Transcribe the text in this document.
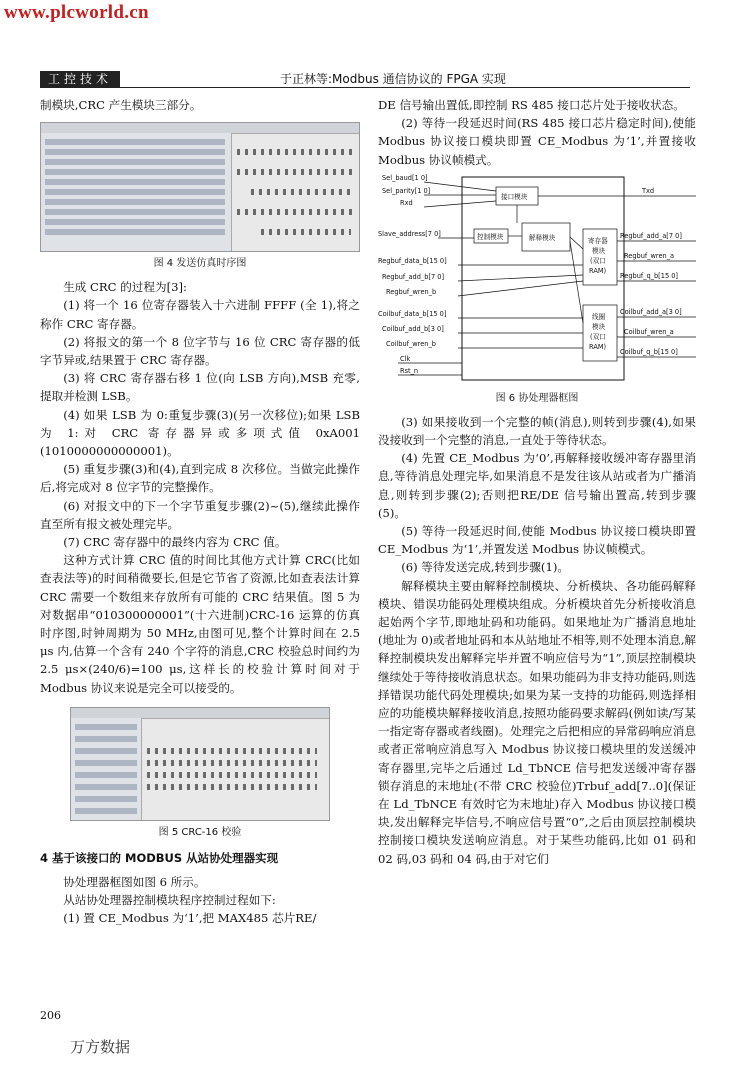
www.plcworld.cn
工控技术	于正林等:Modbus 通信协议的 FPGA 实现

制模块,CRC 产生模块三部分。

图 4 发送仿真时序图

生成 CRC 的过程为[3]:

(1) 将一个 16 位寄存器装入十六进制 FFFF (全 1),将之称作 CRC 寄存器。

(2) 将报文的第一个 8 位字节与 16 位 CRC 寄存器的低字节异或,结果置于 CRC 寄存器。

(3) 将 CRC 寄存器右移 1 位(向 LSB 方向),MSB 充零,提取并检测 LSB。

(4) 如果 LSB 为 0:重复步骤(3)(另一次移位);如果 LSB 为 1:对 CRC 寄存器异或多项式值 0xA001 (1010000000000001)。

(5) 重复步骤(3)和(4),直到完成 8 次移位。当做完此操作后,将完成对 8 位字节的完整操作。

(6) 对报文中的下一个字节重复步骤(2)~(5),继续此操作直至所有报文被处理完毕。

(7) CRC 寄存器中的最终内容为 CRC 值。

这种方式计算 CRC 值的时间比其他方式计算 CRC(比如查表法等)的时间稍微要长,但是它节省了资源,比如查表法计算 CRC 需要一个数组来存放所有可能的 CRC 结果值。图 5 为对数据串“010300000001”(十六进制)CRC-16 运算的仿真时序图,时钟周期为 50 MHz,由图可见,整个计算时间在 2.5 μs 内,估算一个含有 240 个字符的消息,CRC 校验总时间约为 2.5 μs×(240/6)=100 μs,这样长的校验计算时间对于 Modbus 协议来说是完全可以接受的。

图 5 CRC-16 校验
4 基于该接口的 MODBUS 从站协处理器实现

协处理器框图如图 6 所示。

从站协处理器控制模块程序控制过程如下:

(1) 置 CE_Modbus 为‘1’,把 MAX485 芯片RE/

DE 信号输出置低,即控制 RS 485 接口芯片处于接收状态。

(2) 等待一段延迟时间(RS 485 接口芯片稳定时间),使能 Modbus 协议接口模块即置 CE_Modbus 为‘1’,并置接收 Modbus 协议帧模式。

Sel_baud[1 0]
Sel_parity[1 0]
Rxd
Slave_address[7 0]
Regbuf_data_b[15 0]
Regbuf_add_b[7 0]
Regbuf_wren_b
Coilbuf_data_b[15 0]
Coilbuf_add_b[3 0]
Coilbuf_wren_b
Clk
Rst_n
Txd
Regbuf_add_a[7 0]
Regbuf_wren_a
Regbuf_q_b[15 0]
Coilbuf_add_a[3 0]
Coilbuf_wren_a
Coilbuf_q_b[15 0]
接口模块
控制模块	解释模块	寄存器
模块
(双口
RAM)
线圈
模块
(双口
RAM)
图 6 协处理器框图

(3) 如果接收到一个完整的帧(消息),则转到步骤(4),如果没接收到一个完整的消息,一直处于等待状态。

(4) 先置 CE_Modbus 为‘0’,再解释接收缓冲寄存器里消息,等待消息处理完毕,如果消息不是发往该从站或者为广播消息,则转到步骤(2);否则把RE/DE 信号输出置高,转到步骤(5)。

(5) 等待一段延迟时间,使能 Modbus 协议接口模块即置 CE_Modbus 为‘1’,并置发送 Modbus 协议帧模式。

(6) 等待发送完成,转到步骤(1)。

解释模块主要由解释控制模块、分析模块、各功能码解释模块、错误功能码处理模块组成。分析模块首先分析接收消息起始两个字节,即地址码和功能码。如果地址为广播消息地址(地址为 0)或者地址码和本从站地址不相等,则不处理本消息,解释控制模块发出解释完毕并置不响应信号为“1”,顶层控制模块继续处于等待接收消息状态。如果功能码为非支持功能码,则选择错误功能代码处理模块;如果为某一支持的功能码,则选择相应的功能模块解释接收消息,按照功能码要求解码(例如读/写某一指定寄存器或者线圈)。处理完之后把相应的异常码响应消息或者正常响应消息写入 Modbus 协议接口模块里的发送缓冲寄存器里,完毕之后通过 Ld_TbNCE 信号把发送缓冲寄存器锁存消息的末地址(不带 CRC 校验位)Trbuf_add[7..0](保证在 Ld_TbNCE 有效时它为末地址)存入 Modbus 协议接口模块,发出解释完毕信号,不响应信号置“0”,之后由顶层控制模块控制接口模块发送响应消息。对于某些功能码,比如 01 码和 02 码,03 码和 04 码,由于对它们

206
万方数据
